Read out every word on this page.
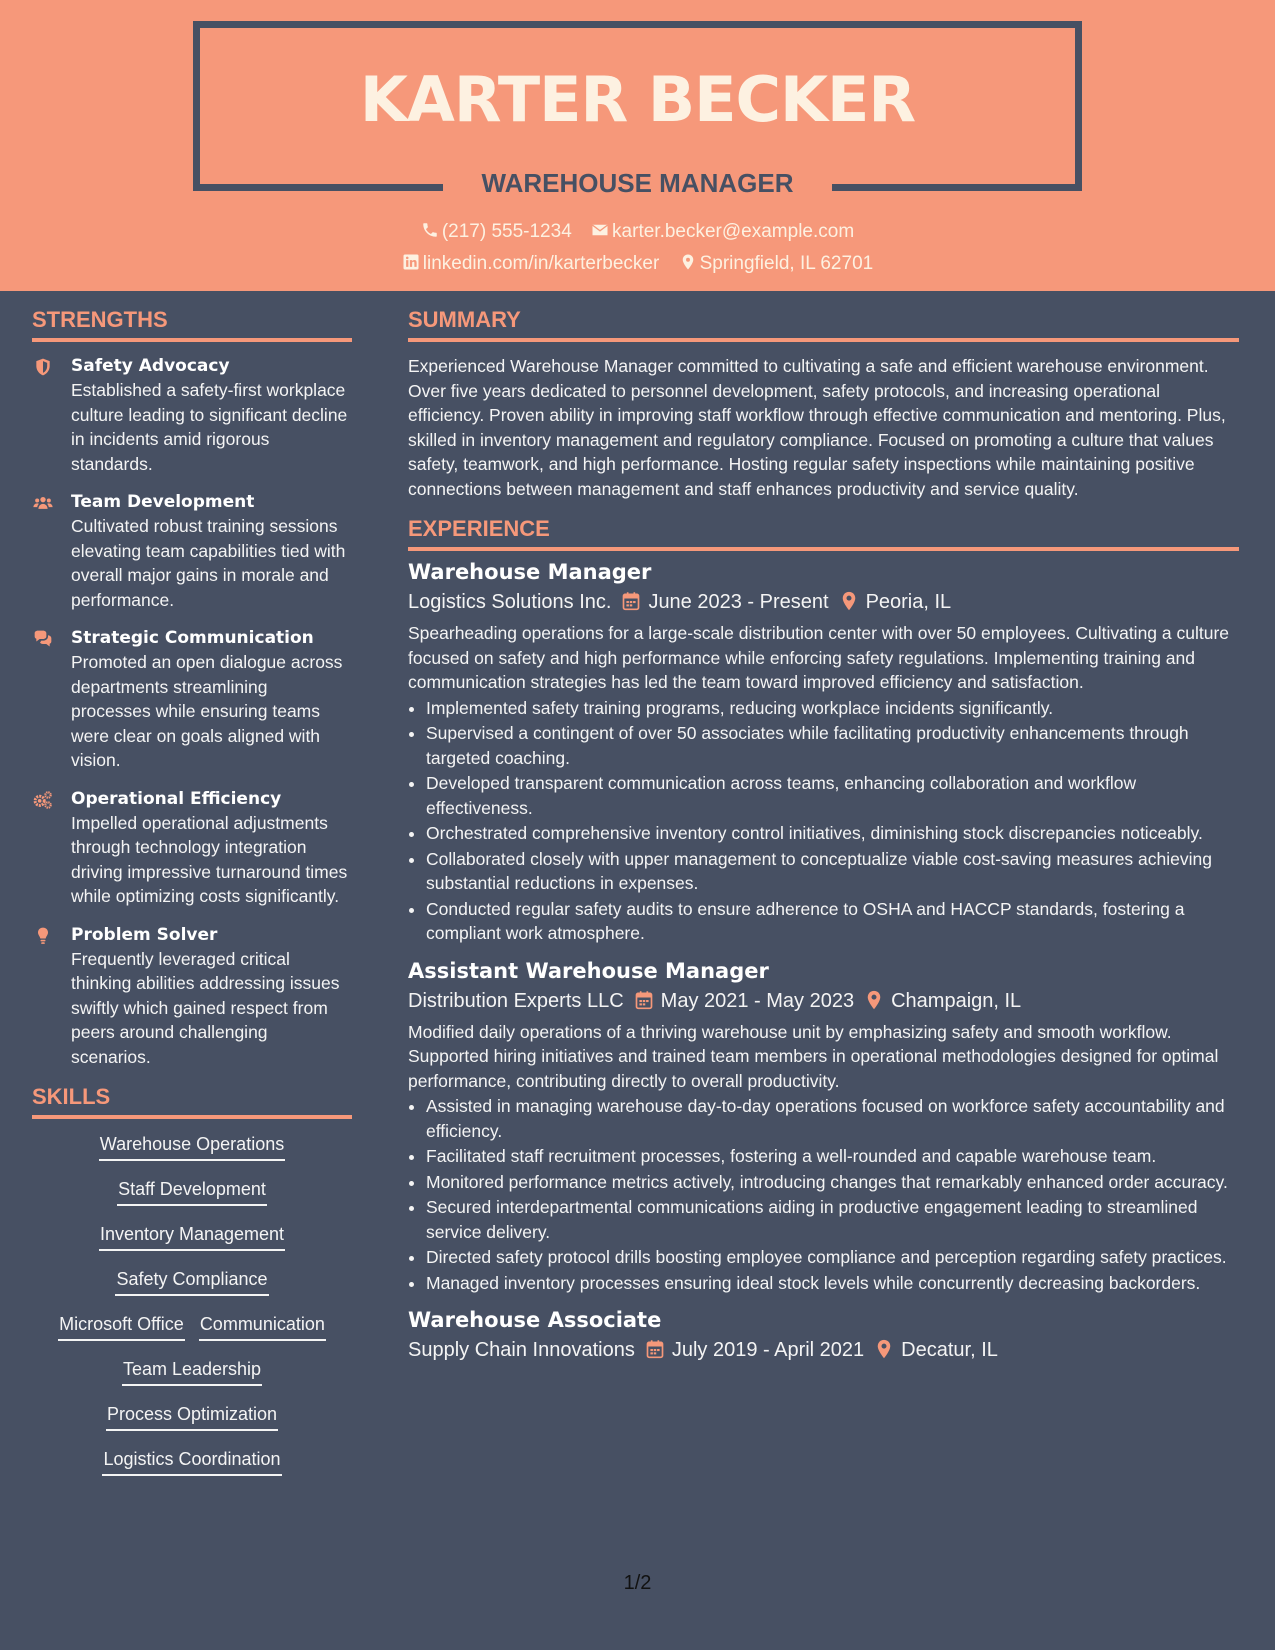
KARTER BECKER
WAREHOUSE MANAGER
(217) 555-1234 karter.becker@example.com
linkedin.com/in/karterbecker Springfield, IL 62701
STRENGTHS
Safety Advocacy
Established a safety-first workplace culture leading to significant decline in incidents amid rigorous standards.
Team Development
Cultivated robust training sessions elevating team capabilities tied with overall major gains in morale and performance.
Strategic Communication
Promoted an open dialogue across departments streamlining processes while ensuring teams were clear on goals aligned with vision.
Operational Efficiency
Impelled operational adjustments through technology integration driving impressive turnaround times while optimizing costs significantly.
Problem Solver
Frequently leveraged critical thinking abilities addressing issues swiftly which gained respect from peers around challenging scenarios.
SKILLS
Warehouse Operations
Staff Development
Inventory Management
Safety Compliance
Microsoft Office Communication
Team Leadership
Process Optimization
Logistics Coordination
SUMMARY

Experienced Warehouse Manager committed to cultivating a safe and efficient warehouse environment. Over five years dedicated to personnel development, safety protocols, and increasing operational efficiency. Proven ability in improving staff workflow through effective communication and mentoring. Plus, skilled in inventory management and regulatory compliance. Focused on promoting a culture that values safety, teamwork, and high performance. Hosting regular safety inspections while maintaining positive connections between management and staff enhances productivity and service quality.

EXPERIENCE
Warehouse Manager
Logistics Solutions Inc. June 2023 - Present Peoria, IL

Spearheading operations for a large-scale distribution center with over 50 employees. Cultivating a culture focused on safety and high performance while enforcing safety regulations. Implementing training and communication strategies has led the team toward improved efficiency and satisfaction.

• Implemented safety training programs, reducing workplace incidents significantly.
• Supervised a contingent of over 50 associates while facilitating productivity enhancements through targeted coaching.
• Developed transparent communication across teams, enhancing collaboration and workflow effectiveness.
• Orchestrated comprehensive inventory control initiatives, diminishing stock discrepancies noticeably.
• Collaborated closely with upper management to conceptualize viable cost-saving measures achieving substantial reductions in expenses.
• Conducted regular safety audits to ensure adherence to OSHA and HACCP standards, fostering a compliant work atmosphere.
Assistant Warehouse Manager
Distribution Experts LLC May 2021 - May 2023 Champaign, IL

Modified daily operations of a thriving warehouse unit by emphasizing safety and smooth workflow. Supported hiring initiatives and trained team members in operational methodologies designed for optimal performance, contributing directly to overall productivity.

• Assisted in managing warehouse day-to-day operations focused on workforce safety accountability and efficiency.
• Facilitated staff recruitment processes, fostering a well-rounded and capable warehouse team.
• Monitored performance metrics actively, introducing changes that remarkably enhanced order accuracy.
• Secured interdepartmental communications aiding in productive engagement leading to streamlined service delivery.
• Directed safety protocol drills boosting employee compliance and perception regarding safety practices.
• Managed inventory processes ensuring ideal stock levels while concurrently decreasing backorders.
Warehouse Associate
Supply Chain Innovations July 2019 - April 2021 Decatur, IL
1/2
